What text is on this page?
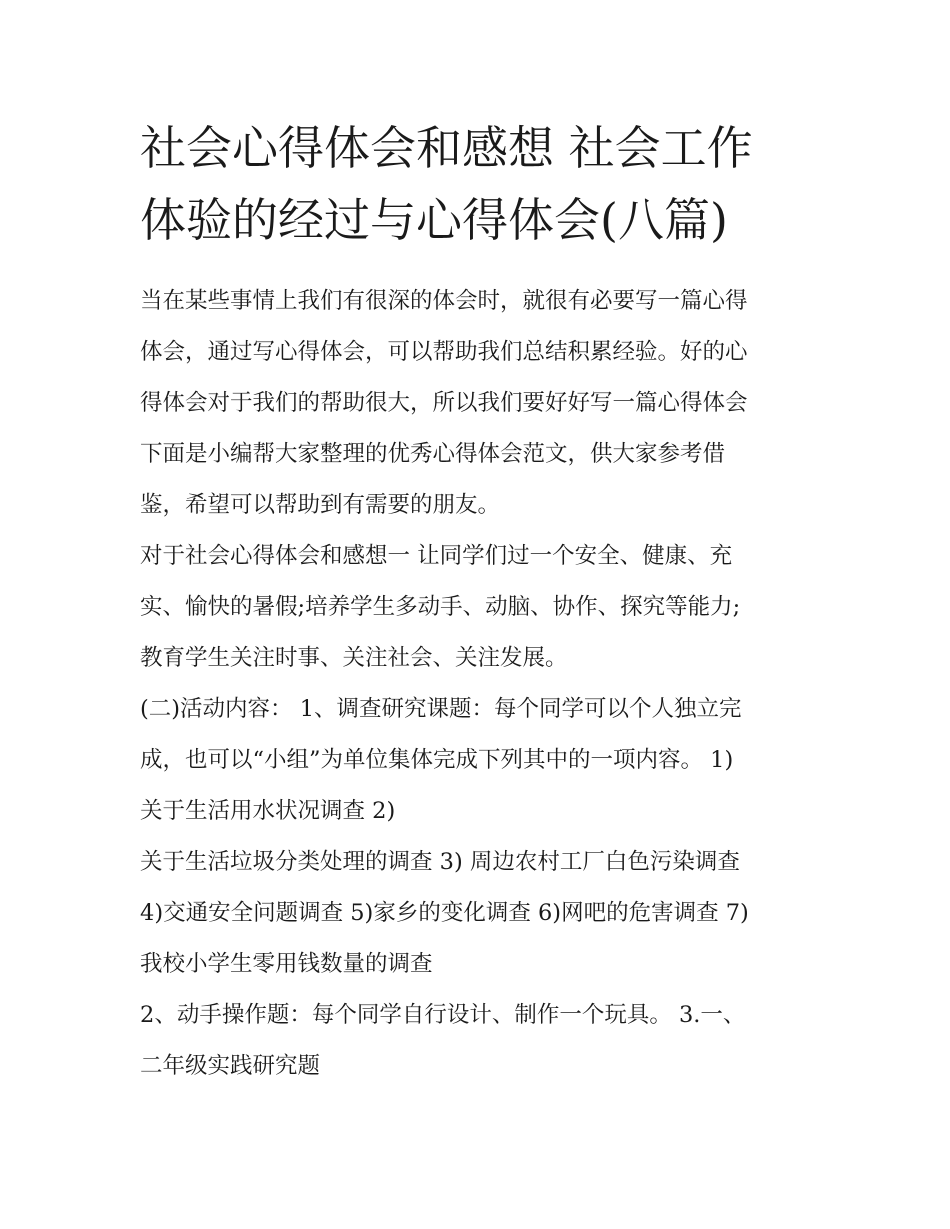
社会心得体会和感想 社会工作
体验的经过与心得体会(八篇)
当在某些事情上我们有很深的体会时，就很有必要写一篇心得
体会，通过写心得体会，可以帮助我们总结积累经验。好的心
得体会对于我们的帮助很大，所以我们要好好写一篇心得体会
下面是小编帮大家整理的优秀心得体会范文，供大家参考借
鉴，希望可以帮助到有需要的朋友。
对于社会心得体会和感想一 让同学们过一个安全、健康、充
实、愉快的暑假;培养学生多动手、动脑、协作、探究等能力;
教育学生关注时事、关注社会、关注发展。
(二)活动内容： 1、调查研究课题：每个同学可以个人独立完
成，也可以“小组”为单位集体完成下列其中的一项内容。 1)
关于生活用水状况调查 2)
关于生活垃圾分类处理的调查 3) 周边农村工厂白色污染调查
4)交通安全问题调查 5)家乡的变化调查 6)网吧的危害调查 7)
我校小学生零用钱数量的调查
2、动手操作题：每个同学自行设计、制作一个玩具。 3.一、
二年级实践研究题
